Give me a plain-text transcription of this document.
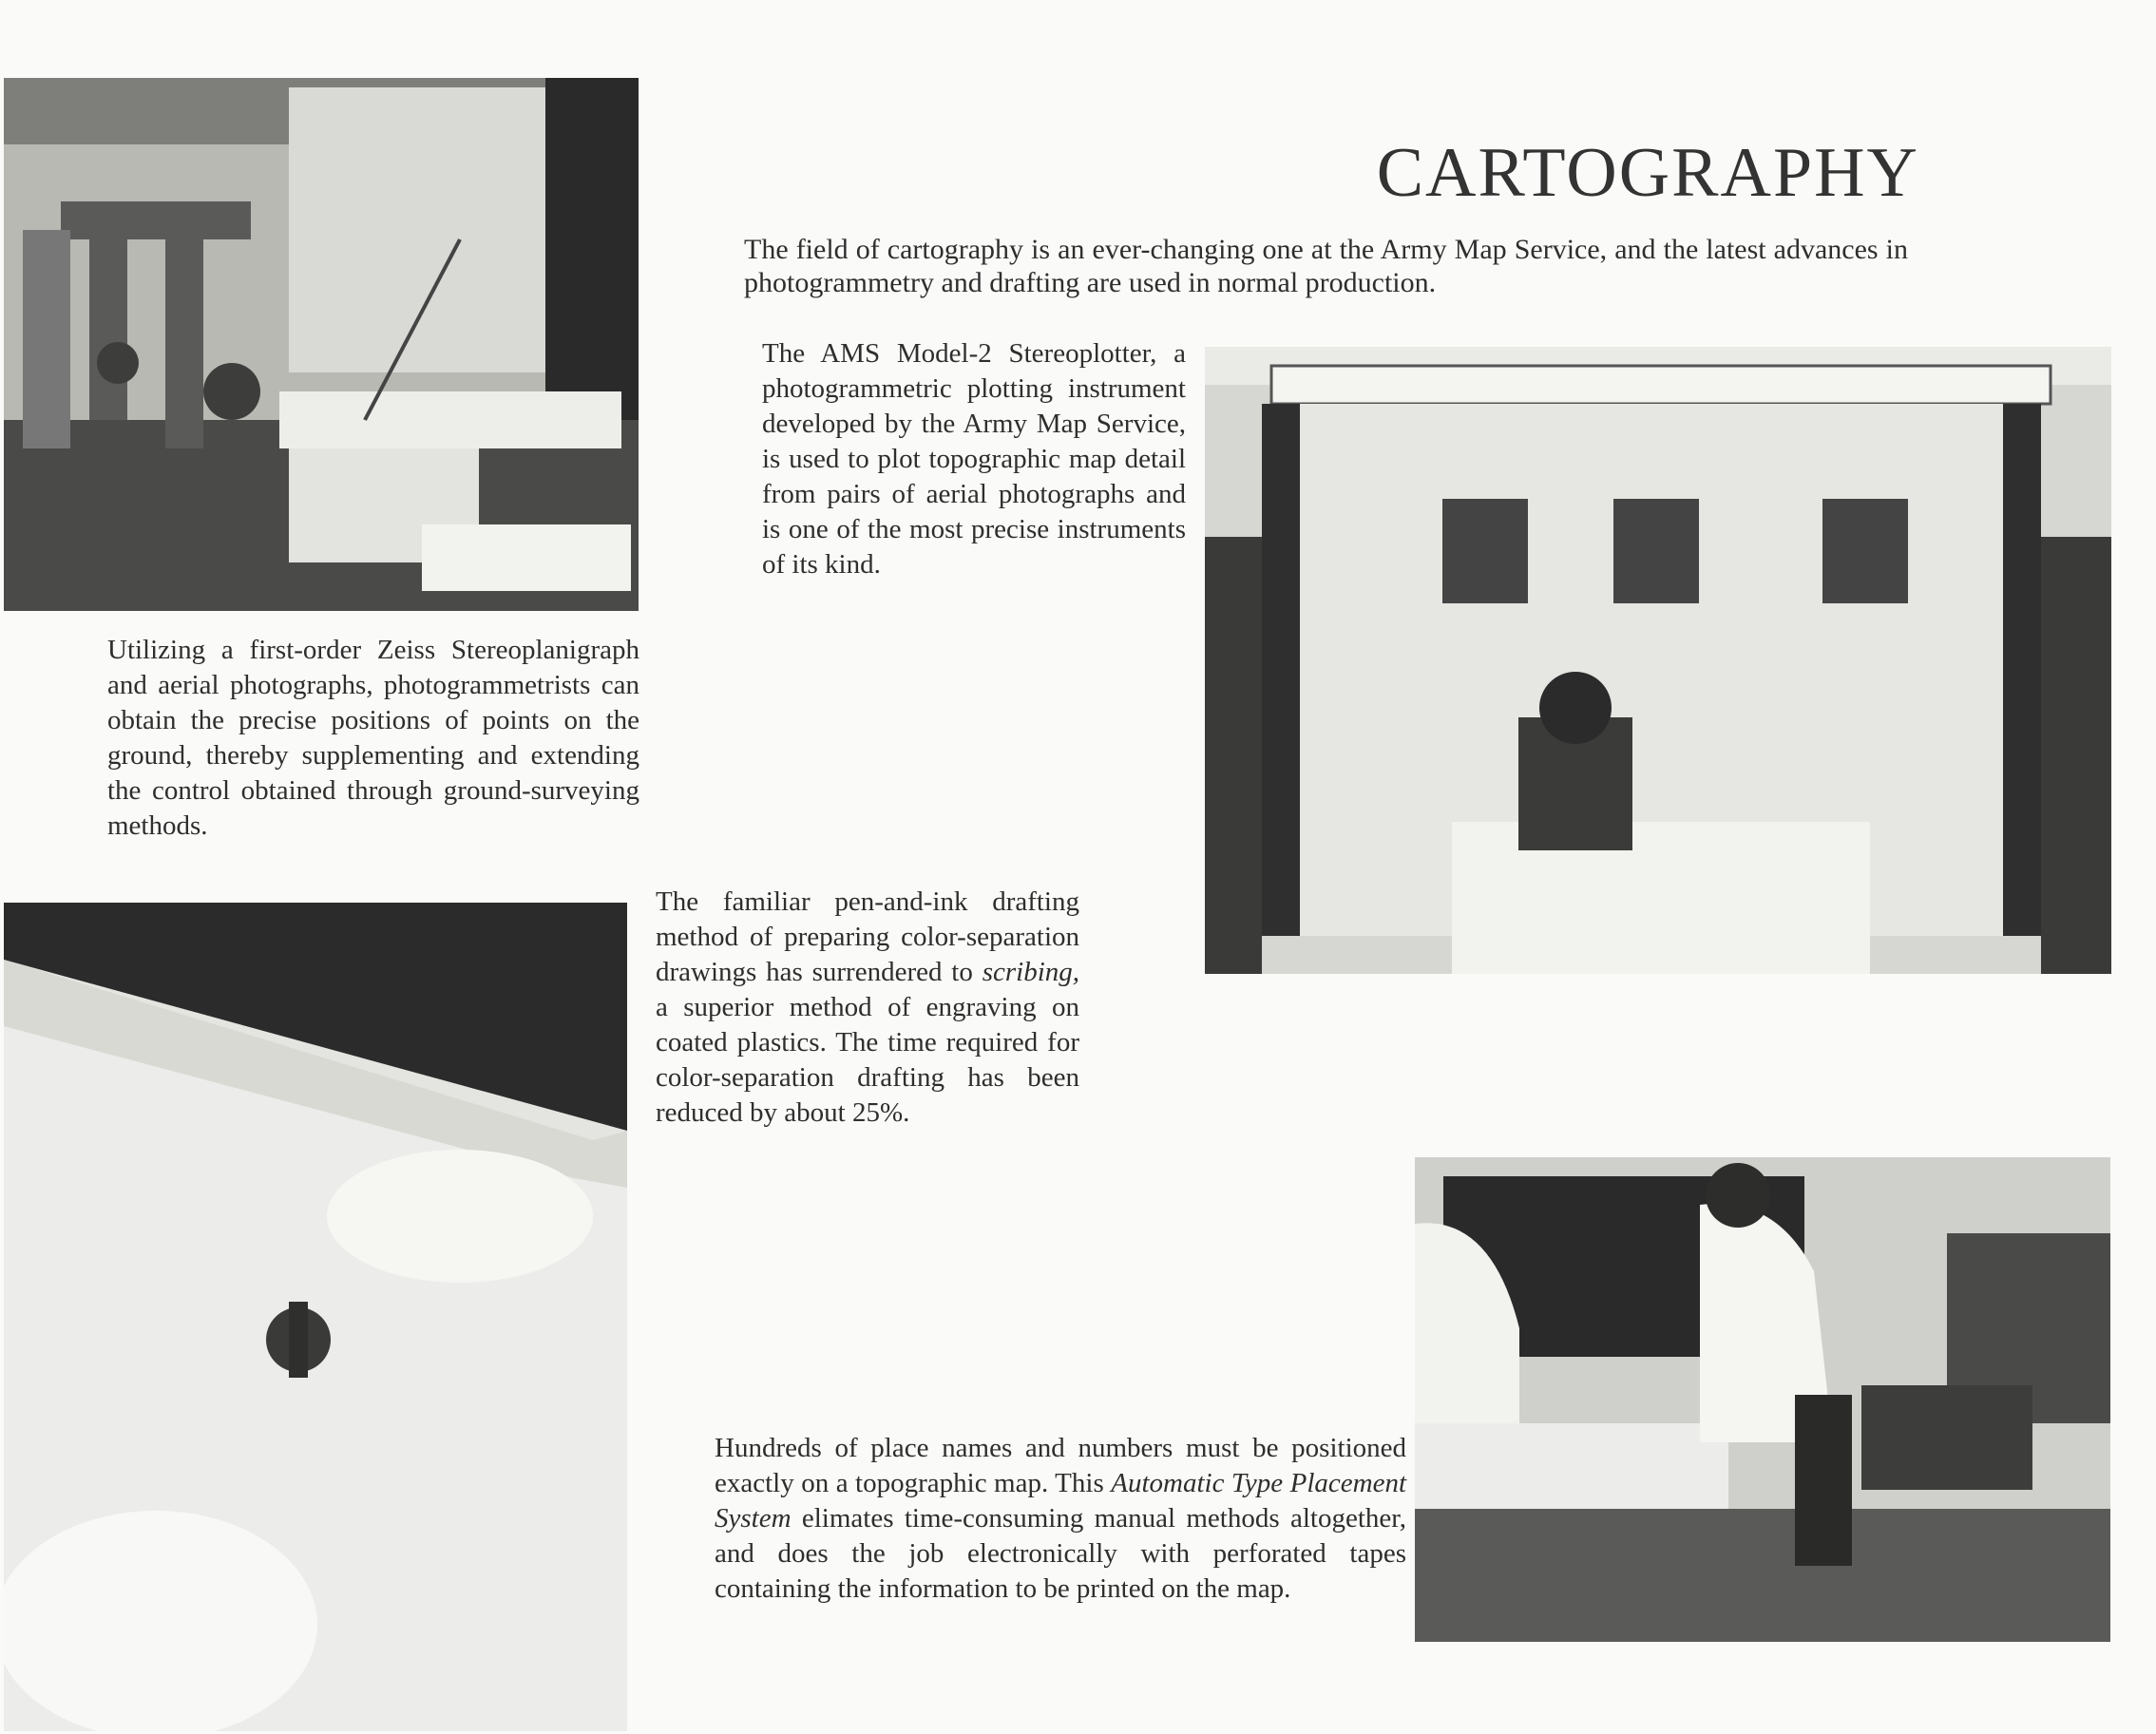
CARTOGRAPHY

The field of cartography is an ever-changing one at the Army Map Service, and the latest advances in photogrammetry and drafting are used in normal production.

The AMS Model-2 Stereoplotter, a photogrammetric plotting instrument developed by the Army Map Service, is used to plot topographic map detail from pairs of aerial photographs and is one of the most precise instruments of its kind.

Utilizing a first-order Zeiss Stereoplanigraph and aerial photographs, photogrammetrists can obtain the precise positions of points on the ground, thereby supplementing and extending the control obtained through ground-surveying methods.

The familiar pen-and-ink drafting method of preparing color-separation drawings has surrendered to scribing, a superior method of engraving on coated plastics. The time required for color-separation drafting has been reduced by about 25%.

Hundreds of place names and numbers must be positioned exactly on a topographic map. This Automatic Type Placement System elimates time-consuming manual methods altogether, and does the job electronically with perforated tapes containing the information to be printed on the map.
